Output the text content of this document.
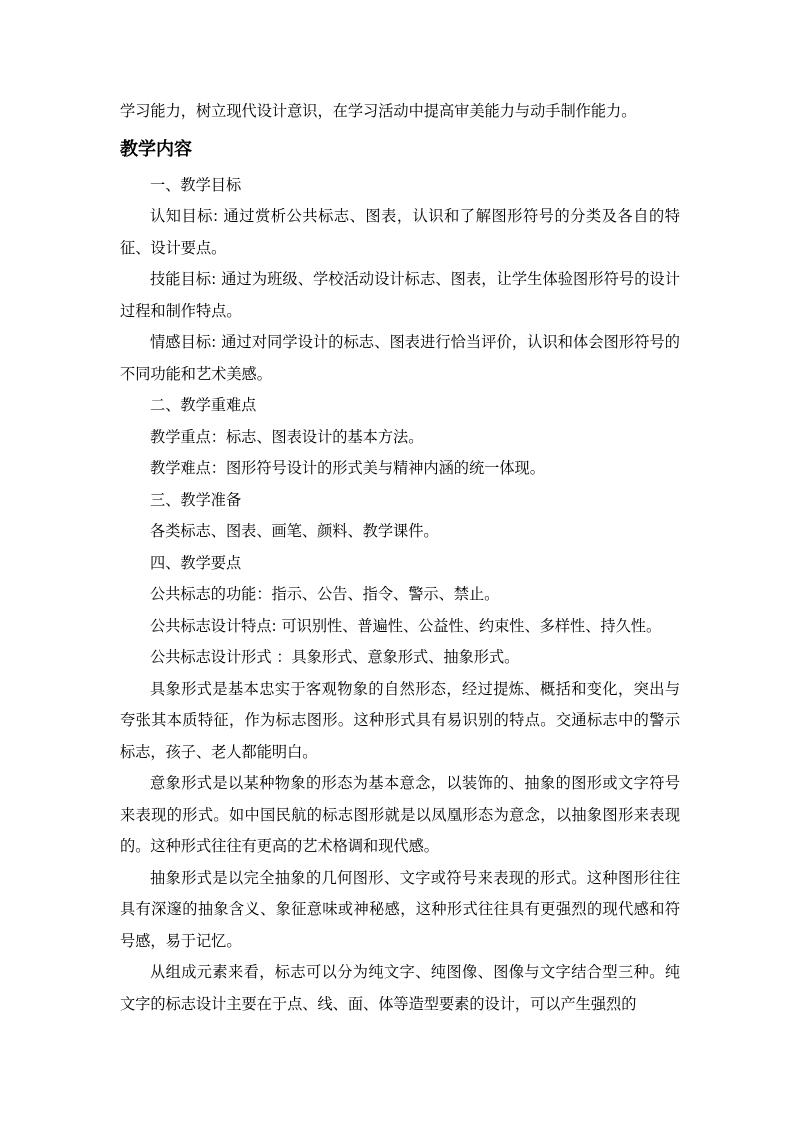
学习能力，树立现代设计意识，在学习活动中提高审美能力与动手制作能力。

教学内容

一、教学目标

认知目标: 通过赏析公共标志、图表，认识和了解图形符号的分类及各自的特征、设计要点。

技能目标: 通过为班级、学校活动设计标志、图表，让学生体验图形符号的设计过程和制作特点。

情感目标: 通过对同学设计的标志、图表进行恰当评价，认识和体会图形符号的不同功能和艺术美感。

二、教学重难点

教学重点：标志、图表设计的基本方法。

教学难点：图形符号设计的形式美与精神内涵的统一体现。

三、教学准备

各类标志、图表、画笔、颜料、教学课件。

四、教学要点

公共标志的功能：指示、公告、指令、警示、禁止。

公共标志设计特点: 可识别性、普遍性、公益性、约束性、多样性、持久性。

公共标志设计形式 ：具象形式、意象形式、抽象形式。

具象形式是基本忠实于客观物象的自然形态，经过提炼、概括和变化，突出与夸张其本质特征，作为标志图形。这种形式具有易识别的特点。交通标志中的警示标志，孩子、老人都能明白。

意象形式是以某种物象的形态为基本意念，以装饰的、抽象的图形或文字符号来表现的形式。如中国民航的标志图形就是以凤凰形态为意念，以抽象图形来表现的。这种形式往往有更高的艺术格调和现代感。

抽象形式是以完全抽象的几何图形、文字或符号来表现的形式。这种图形往往具有深邃的抽象含义、象征意味或神秘感，这种形式往往具有更强烈的现代感和符号感，易于记忆。

从组成元素来看，标志可以分为纯文字、纯图像、图像与文字结合型三种。纯文字的标志设计主要在于点、线、面、体等造型要素的设计，可以产生强烈的
